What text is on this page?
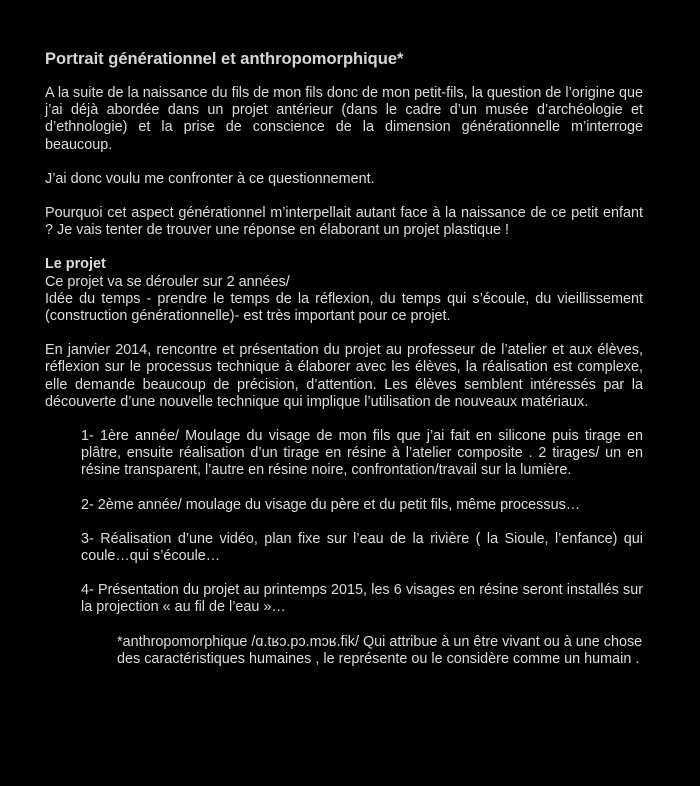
Portrait générationnel et anthropomorphique*

A la suite de la naissance du fils de mon fils donc de mon petit-fils, la question de l’origine que j’ai déjà abordée dans un projet antérieur (dans le cadre d’un musée d’archéologie et d’ethnologie) et la prise de conscience de la dimension générationnelle m’interroge beaucoup.

J’ai donc voulu me confronter à ce questionnement.

Pourquoi cet aspect générationnel m’interpellait autant face à la naissance de ce petit enfant ? Je vais tenter de trouver une réponse en élaborant un projet plastique !

Le projet
Ce projet va se dérouler sur 2 années/

Idée du temps - prendre le temps de la réflexion, du temps qui s’écoule, du vieillissement (construction générationnelle)- est très important pour ce projet.

En janvier 2014, rencontre et présentation du projet au professeur de l’atelier et aux élèves, réflexion sur le processus technique à élaborer avec les élèves, la réalisation est complexe, elle demande beaucoup de précision, d’attention. Les élèves semblent intéressés par la découverte d’une nouvelle technique qui implique l’utilisation de nouveaux matériaux.

1- 1ère année/ Moulage du visage de mon fils que j’ai fait en silicone puis tirage en plâtre, ensuite réalisation d’un tirage en résine à l’atelier composite . 2 tirages/ un en résine transparent, l’autre en résine noire, confrontation/travail sur la lumière.

2- 2ème année/ moulage du visage du père et du petit fils, même processus…

3- Réalisation d’une vidéo, plan fixe sur l’eau de la rivière ( la Sioule, l’enfance) qui coule…qui s’écoule…

4- Présentation du projet au printemps 2015, les 6 visages en résine seront installés sur la projection « au fil de l’eau »…

*anthropomorphique /ɑ.tʁɔ.pɔ.mɔʁ.fik/ Qui attribue à un être vivant ou à une chose des caractéristiques humaines , le représente ou le considère comme un humain .
